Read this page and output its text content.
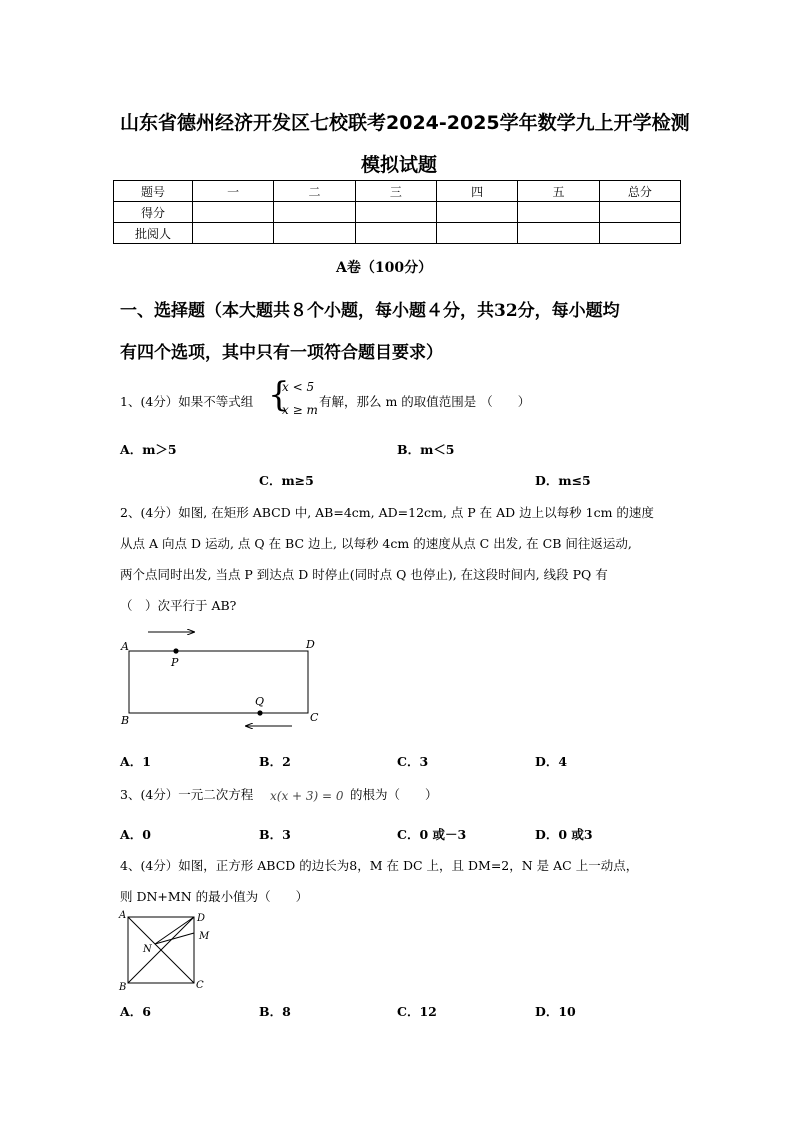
山东省德州经济开发区七校联考2024-2025学年数学九上开学检测
模拟试题
题号	一	二	三	四	五	总分
得分						
批阅人						
A卷（100分）
一、选择题（本大题共８个小题，每小题４分，共32分，每小题均
有四个选项，其中只有一项符合题目要求）
1、(4分）如果不等式组 {
x < 5
x ≥ m
有解，那么 m 的取值范围是 （　　）
A．m＞5	B．m＜5
C．m≥5	D．m≤5
2、(4分）如图, 在矩形 ABCD 中, AB=4cm, AD=12cm, 点 P 在 AD 边上以每秒 1cm 的速度
从点 A 向点 D 运动, 点 Q 在 BC 边上, 以每秒 4cm 的速度从点 C 出发, 在 CB 间往返运动,
两个点同时出发, 当点 P 到达点 D 时停止(同时点 Q 也停止), 在这段时间内, 线段 PQ 有
（　）次平行于 AB?
A	D
B	C
P
Q
A．1	B．2	C．3	D．4
3、(4分）一元二次方程 x(x + 3) = 0 的根为（　　）
A．0	B．3	C．0 或－3	D．0 或3
4、(4分）如图，正方形 ABCD 的边长为8，M 在 DC 上，且 DM=2，N 是 AC 上一动点，
则 DN+MN 的最小值为（　　）
A	D
M
N
B	C
A．6	B．8	C．12	D．10
